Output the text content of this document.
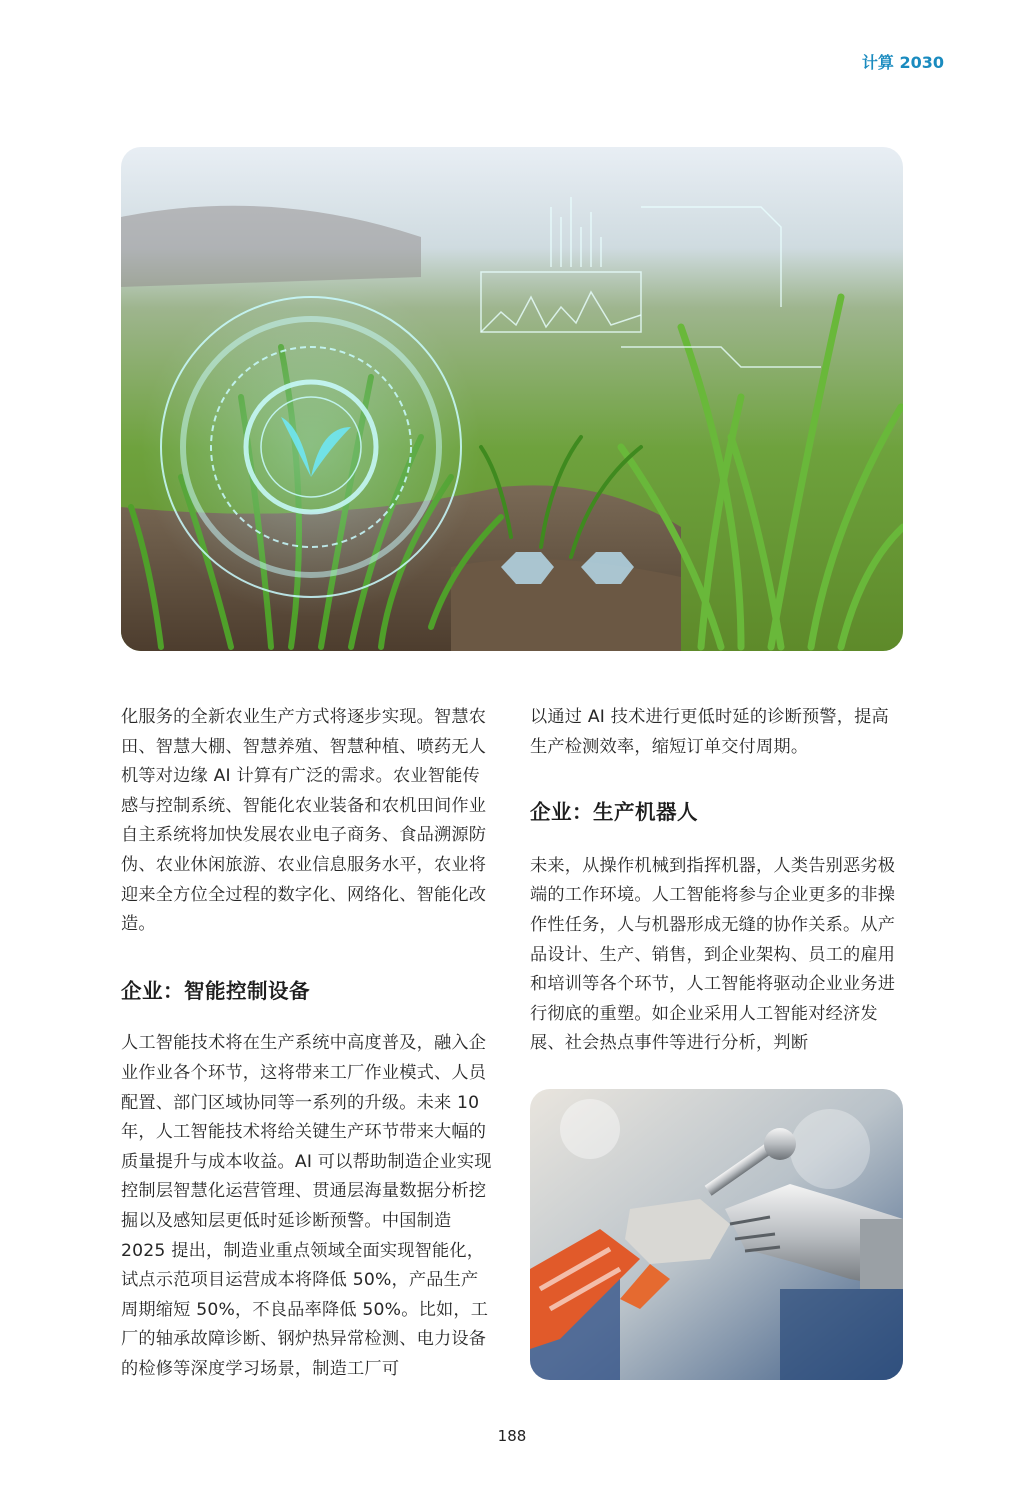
计算 2030

化服务的全新农业生产方式将逐步实现。智慧农田、智慧大棚、智慧养殖、智慧种植、喷药无人机等对边缘 AI 计算有广泛的需求。农业智能传感与控制系统、智能化农业装备和农机田间作业自主系统将加快发展农业电子商务、食品溯源防伪、农业休闲旅游、农业信息服务水平，农业将迎来全方位全过程的数字化、网络化、智能化改造。

企业：智能控制设备

人工智能技术将在生产系统中高度普及，融入企业作业各个环节，这将带来工厂作业模式、人员配置、部门区域协同等一系列的升级。未来 10 年，人工智能技术将给关键生产环节带来大幅的质量提升与成本收益。AI 可以帮助制造企业实现控制层智慧化运营管理、贯通层海量数据分析挖掘以及感知层更低时延诊断预警。中国制造 2025 提出，制造业重点领域全面实现智能化，试点示范项目运营成本将降低 50%，产品生产周期缩短 50%，不良品率降低 50%。比如，工厂的轴承故障诊断、钢炉热异常检测、电力设备的检修等深度学习场景，制造工厂可

以通过 AI 技术进行更低时延的诊断预警，提高生产检测效率，缩短订单交付周期。

企业：生产机器人

未来，从操作机械到指挥机器，人类告别恶劣极端的工作环境。人工智能将参与企业更多的非操作性任务，人与机器形成无缝的协作关系。从产品设计、生产、销售，到企业架构、员工的雇用和培训等各个环节，人工智能将驱动企业业务进行彻底的重塑。如企业采用人工智能对经济发展、社会热点事件等进行分析，判断

188
